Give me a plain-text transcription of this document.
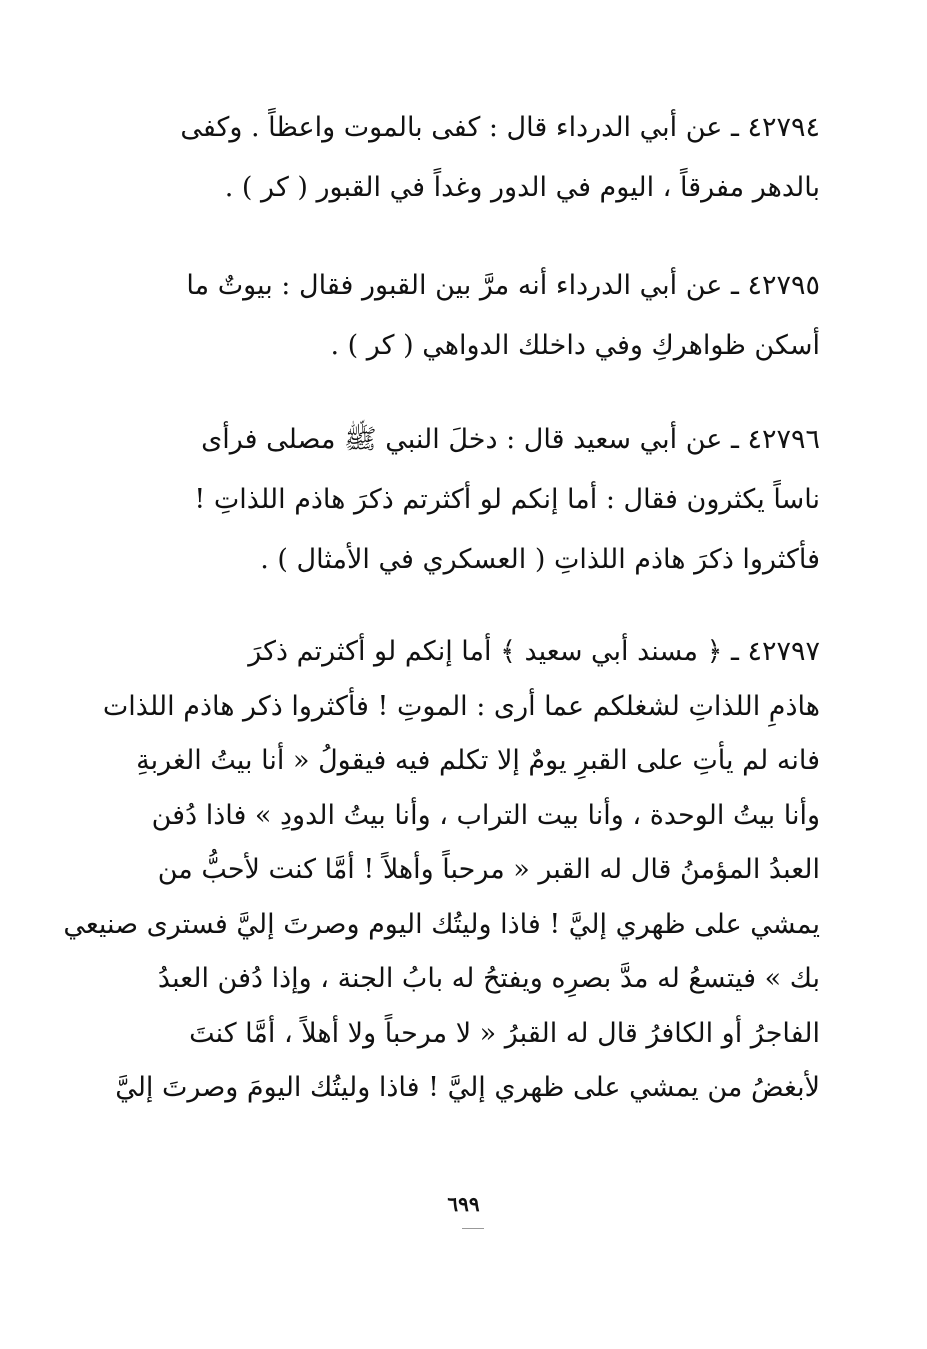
٤٢٧٩٤ ـ عن أبي الدرداء قال : كفى بالموت واعظاً . وكفى
بالدهر مفرقاً ، اليوم في الدور وغداً في القبور ( كر ) .
٤٢٧٩٥ ـ عن أبي الدرداء أنه مرَّ بين القبور فقال : بيوتٌ ما
أسكن ظواهركِ وفي داخلك الدواهي ( كر ) .
٤٢٧٩٦ ـ عن أبي سعيد قال : دخلَ النبي ﷺ مصلى فرأى
ناساً يكثرون فقال : أما إنكم لو أكثرتم ذكرَ هاذم اللذاتِ !
فأكثروا ذكرَ هاذم اللذاتِ ( العسكري في الأمثال ) .
٤٢٧٩٧ ـ ﴿ مسند أبي سعيد ﴾ أما إنكم لو أكثرتم ذكرَ
هاذمِ اللذاتِ لشغلكم عما أرى : الموتِ ! فأكثروا ذكر هاذم اللذات
فانه لم يأتِ على القبرِ يومٌ إلا تكلم فيه فيقولُ « أنا بيتُ الغربةِ
وأنا بيتُ الوحدة ، وأنا بيت التراب ، وأنا بيتُ الدودِ » فاذا دُفن
العبدُ المؤمنُ قال له القبر « مرحباً وأهلاً ! أمَّا كنت لأحبُّ من
يمشي على ظهري إليَّ ! فاذا وليتُك اليوم وصرتَ إليَّ فسترى صنيعي
بك » فيتسعُ له مدَّ بصرِه ويفتحُ له بابُ الجنة ، وإذا دُفن العبدُ
الفاجرُ أو الكافرُ قال له القبرُ « لا مرحباً ولا أهلاً ، أمَّا كنتَ
لأبغضُ من يمشي على ظهري إليَّ ! فاذا وليتُك اليومَ وصرتَ إليَّ
٦٩٩
